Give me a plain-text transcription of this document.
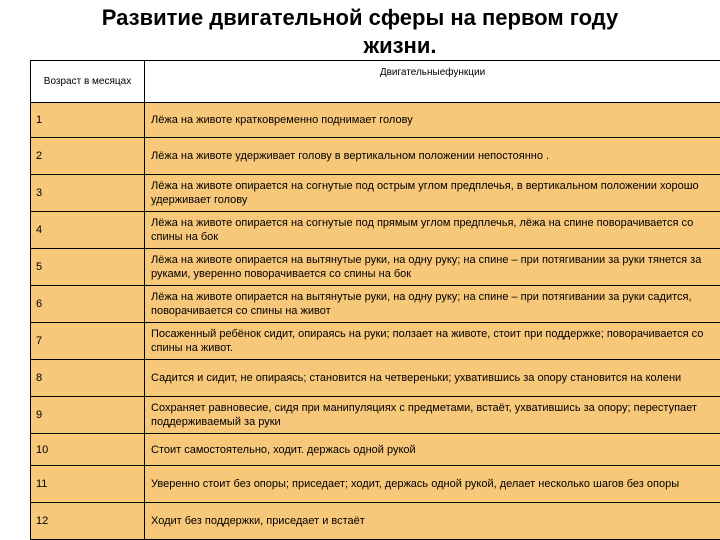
Развитие двигательной сферы на первом году
жизни.
Возраст в месяцах	Двигательныефункции
1	Лёжа на животе кратковременно поднимает голову
2	Лёжа на животе удерживает голову в вертикальном положении непостоянно .
3	Лёжа на животе опирается на согнутые под острым углом предплечья, в вертикальном положении хорошо удерживает голову
4	Лёжа на животе опирается на согнутые под прямым углом предплечья, лёжа на спине поворачивается со спины на бок
5	Лёжа на животе опирается на вытянутые руки, на одну руку; на спине – при потягивании за руки тянется за руками, уверенно поворачивается со спины на бок
6	Лёжа на животе опирается на вытянутые руки, на одну руку; на спине – при потягивании за руки садится, поворачивается со спины на живот
7	Посаженный ребёнок сидит, опираясь на руки; ползает на животе, стоит при поддержке; поворачивается со спины на живот.
8	Садится и сидит, не опираясь; становится на четвереньки; ухватившись за опору становится на колени
9	Сохраняет равновесие, сидя при манипуляциях с предметами, встаёт, ухватившись за опору; переступает поддерживаемый за руки
10	Стоит самостоятельно, ходит. держась одной рукой
11	Уверенно стоит без опоры; приседает; ходит, держась одной рукой, делает несколько шагов без опоры
12	Ходит без поддержки, приседает и встаёт
